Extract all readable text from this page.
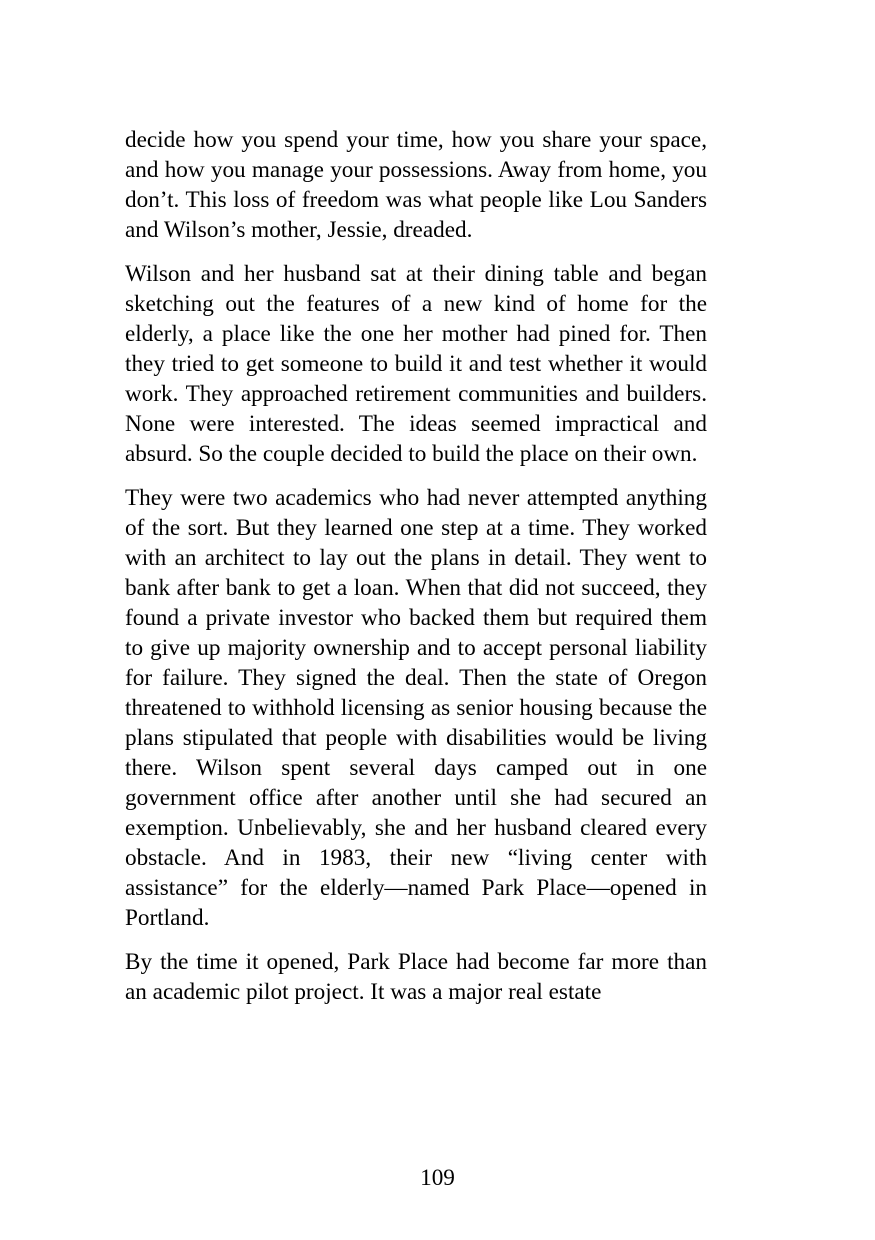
decide how you spend your time, how you share your space, and how you manage your possessions. Away from home, you don’t. This loss of freedom was what people like Lou Sanders and Wilson’s mother, Jessie, dreaded.

Wilson and her husband sat at their dining table and began sketching out the features of a new kind of home for the elderly, a place like the one her mother had pined for. Then they tried to get someone to build it and test whether it would work. They approached retirement communities and builders. None were interested. The ideas seemed impractical and absurd. So the couple decided to build the place on their own.

They were two academics who had never attempted anything of the sort. But they learned one step at a time. They worked with an architect to lay out the plans in detail. They went to bank after bank to get a loan. When that did not succeed, they found a private investor who backed them but required them to give up majority ownership and to accept personal liability for failure. They signed the deal. Then the state of Oregon threatened to withhold licensing as senior housing because the plans stipulated that people with disabilities would be living there. Wilson spent several days camped out in one government office after another until she had secured an exemption. Unbelievably, she and her husband cleared every obstacle. And in 1983, their new “living center with assistance” for the elderly—named Park Place—opened in Portland.

By the time it opened, Park Place had become far more than an academic pilot project. It was a major real estate

109
